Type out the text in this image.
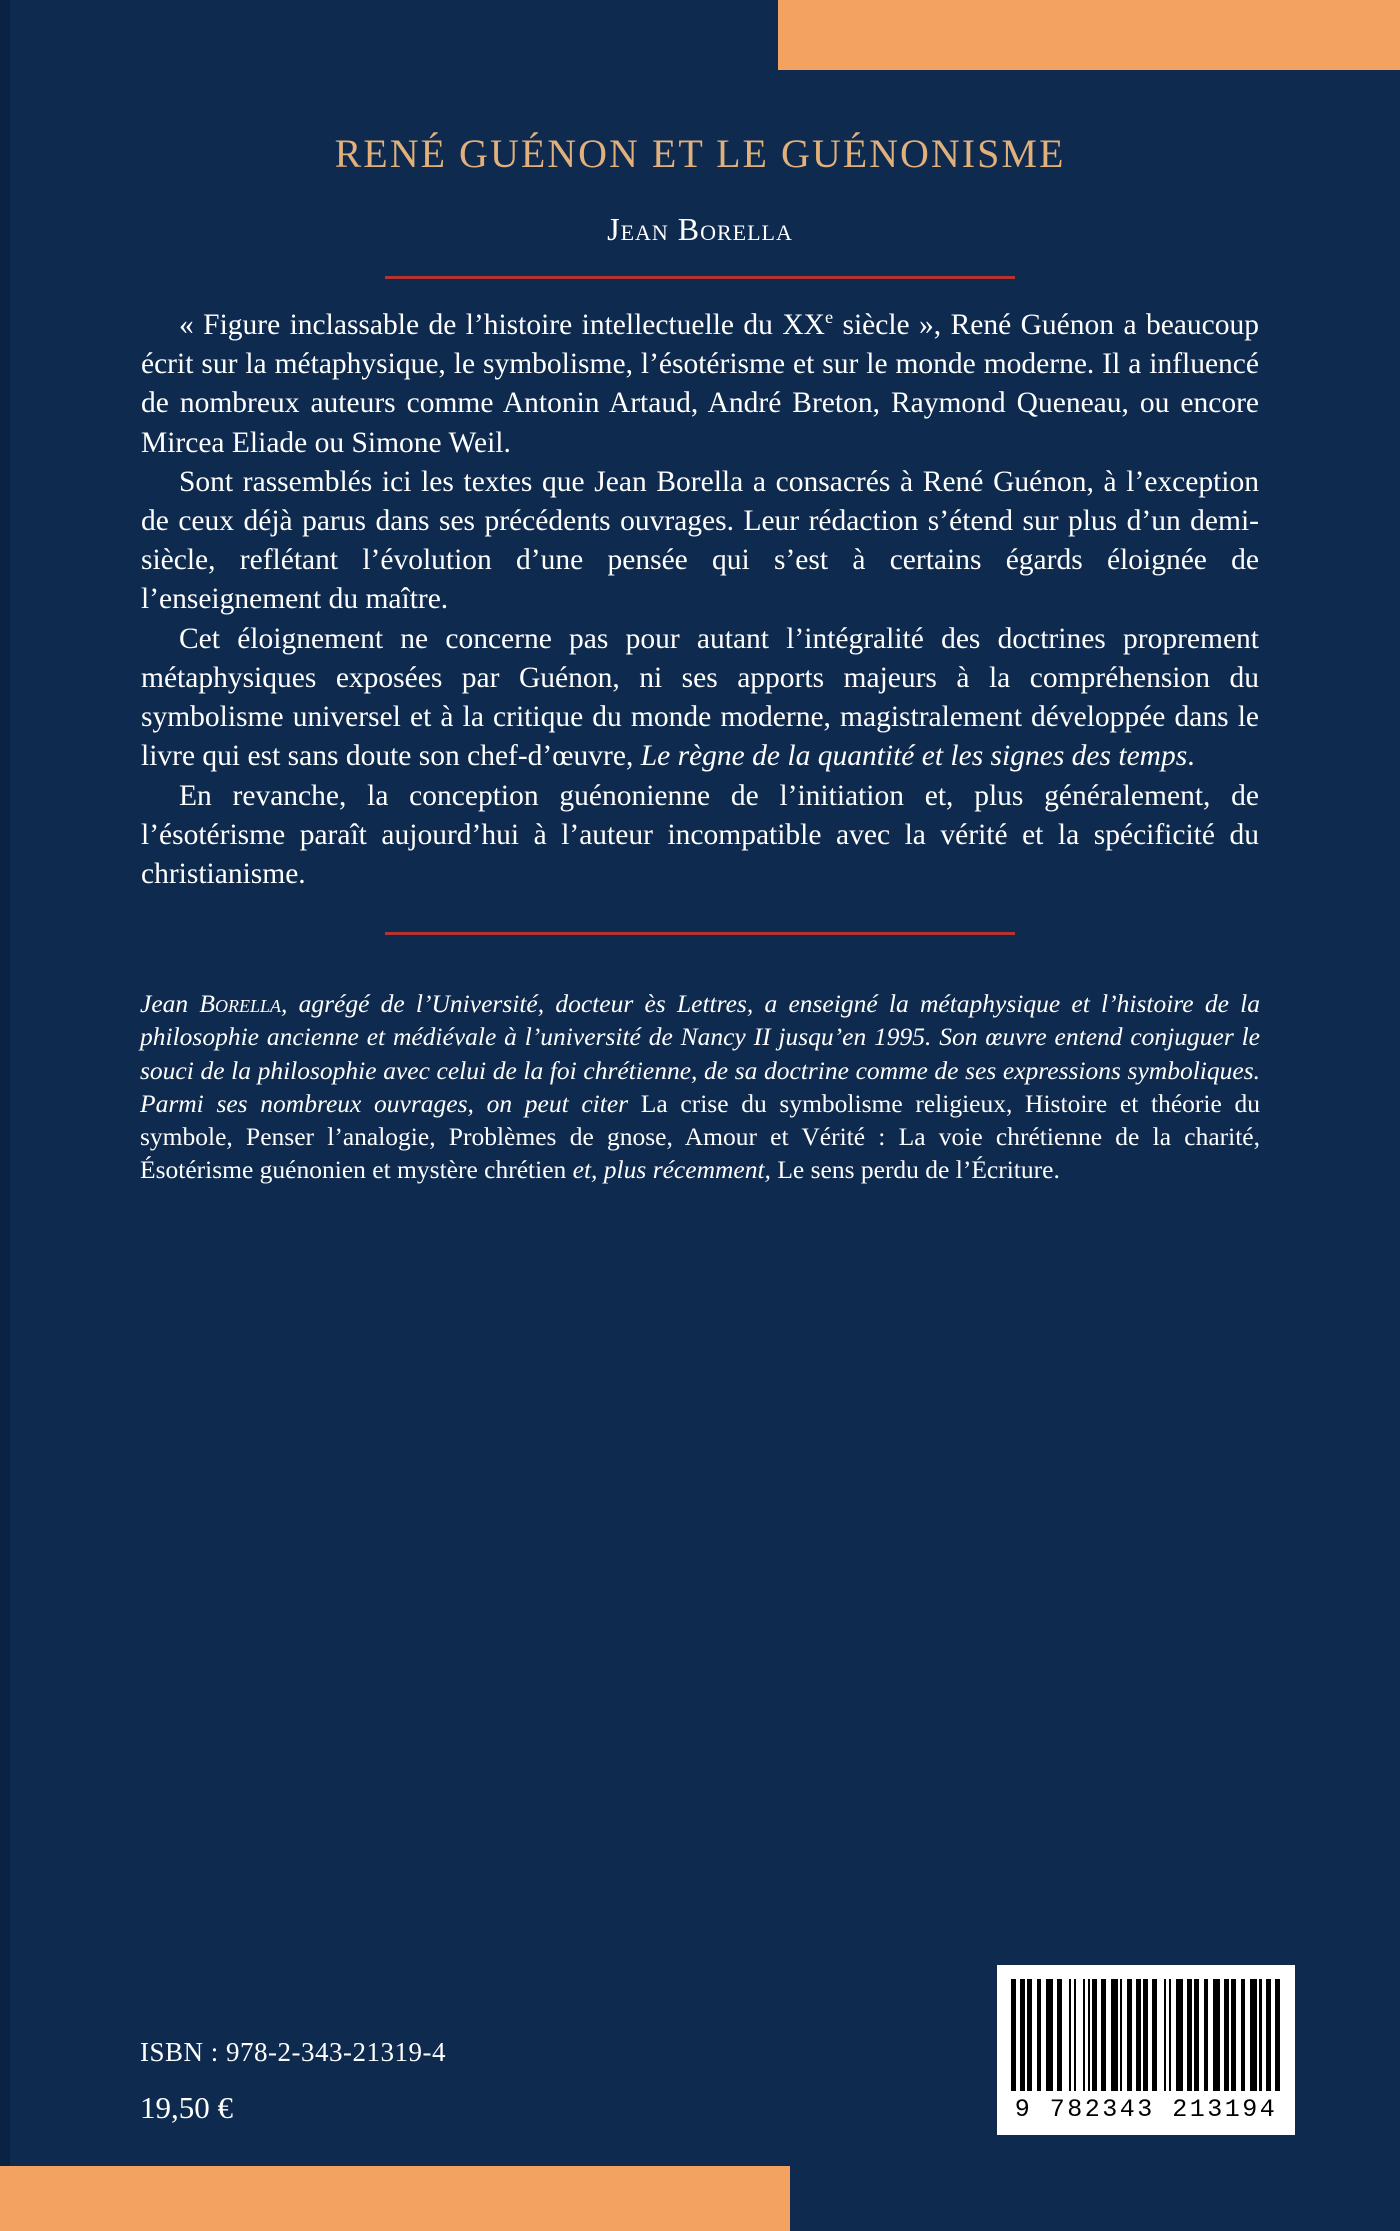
RENÉ GUÉNON ET LE GUÉNONISME
Jean Borella

« Figure inclassable de l’histoire intellectuelle du XXe siècle », René Guénon a beaucoup écrit sur la métaphysique, le symbolisme, l’ésotérisme et sur le monde moderne. Il a influencé de nombreux auteurs comme Antonin Artaud, André Breton, Raymond Queneau, ou encore Mircea Eliade ou Simone Weil.

Sont rassemblés ici les textes que Jean Borella a consacrés à René Guénon, à l’exception de ceux déjà parus dans ses précédents ouvrages. Leur rédaction s’étend sur plus d’un demi-siècle, reflétant l’évolution d’une pensée qui s’est à certains égards éloignée de l’enseignement du maître.

Cet éloignement ne concerne pas pour autant l’intégralité des doctrines proprement métaphysiques exposées par Guénon, ni ses apports majeurs à la compréhension du symbolisme universel et à la critique du monde moderne, magistralement développée dans le livre qui est sans doute son chef-d’œuvre, Le règne de la quantité et les signes des temps.

En revanche, la conception guénonienne de l’initiation et, plus généralement, de l’ésotérisme paraît aujourd’hui à l’auteur incompatible avec la vérité et la spécificité du christianisme.

Jean Borella, agrégé de l’Université, docteur ès Lettres, a enseigné la métaphysique et l’histoire de la philosophie ancienne et médiévale à l’université de Nancy II jusqu’en 1995. Son œuvre entend conjuguer le souci de la philosophie avec celui de la foi chrétienne, de sa doctrine comme de ses expressions symboliques. Parmi ses nombreux ouvrages, on peut citer La crise du symbolisme religieux, Histoire et théorie du symbole, Penser l’analogie, Problèmes de gnose, Amour et Vérité : La voie chrétienne de la charité, Ésotérisme guénonien et mystère chrétien et, plus récemment, Le sens perdu de l’Écriture.
ISBN : 978-2-343-21319-4
19,50 €	9 782343 213194
